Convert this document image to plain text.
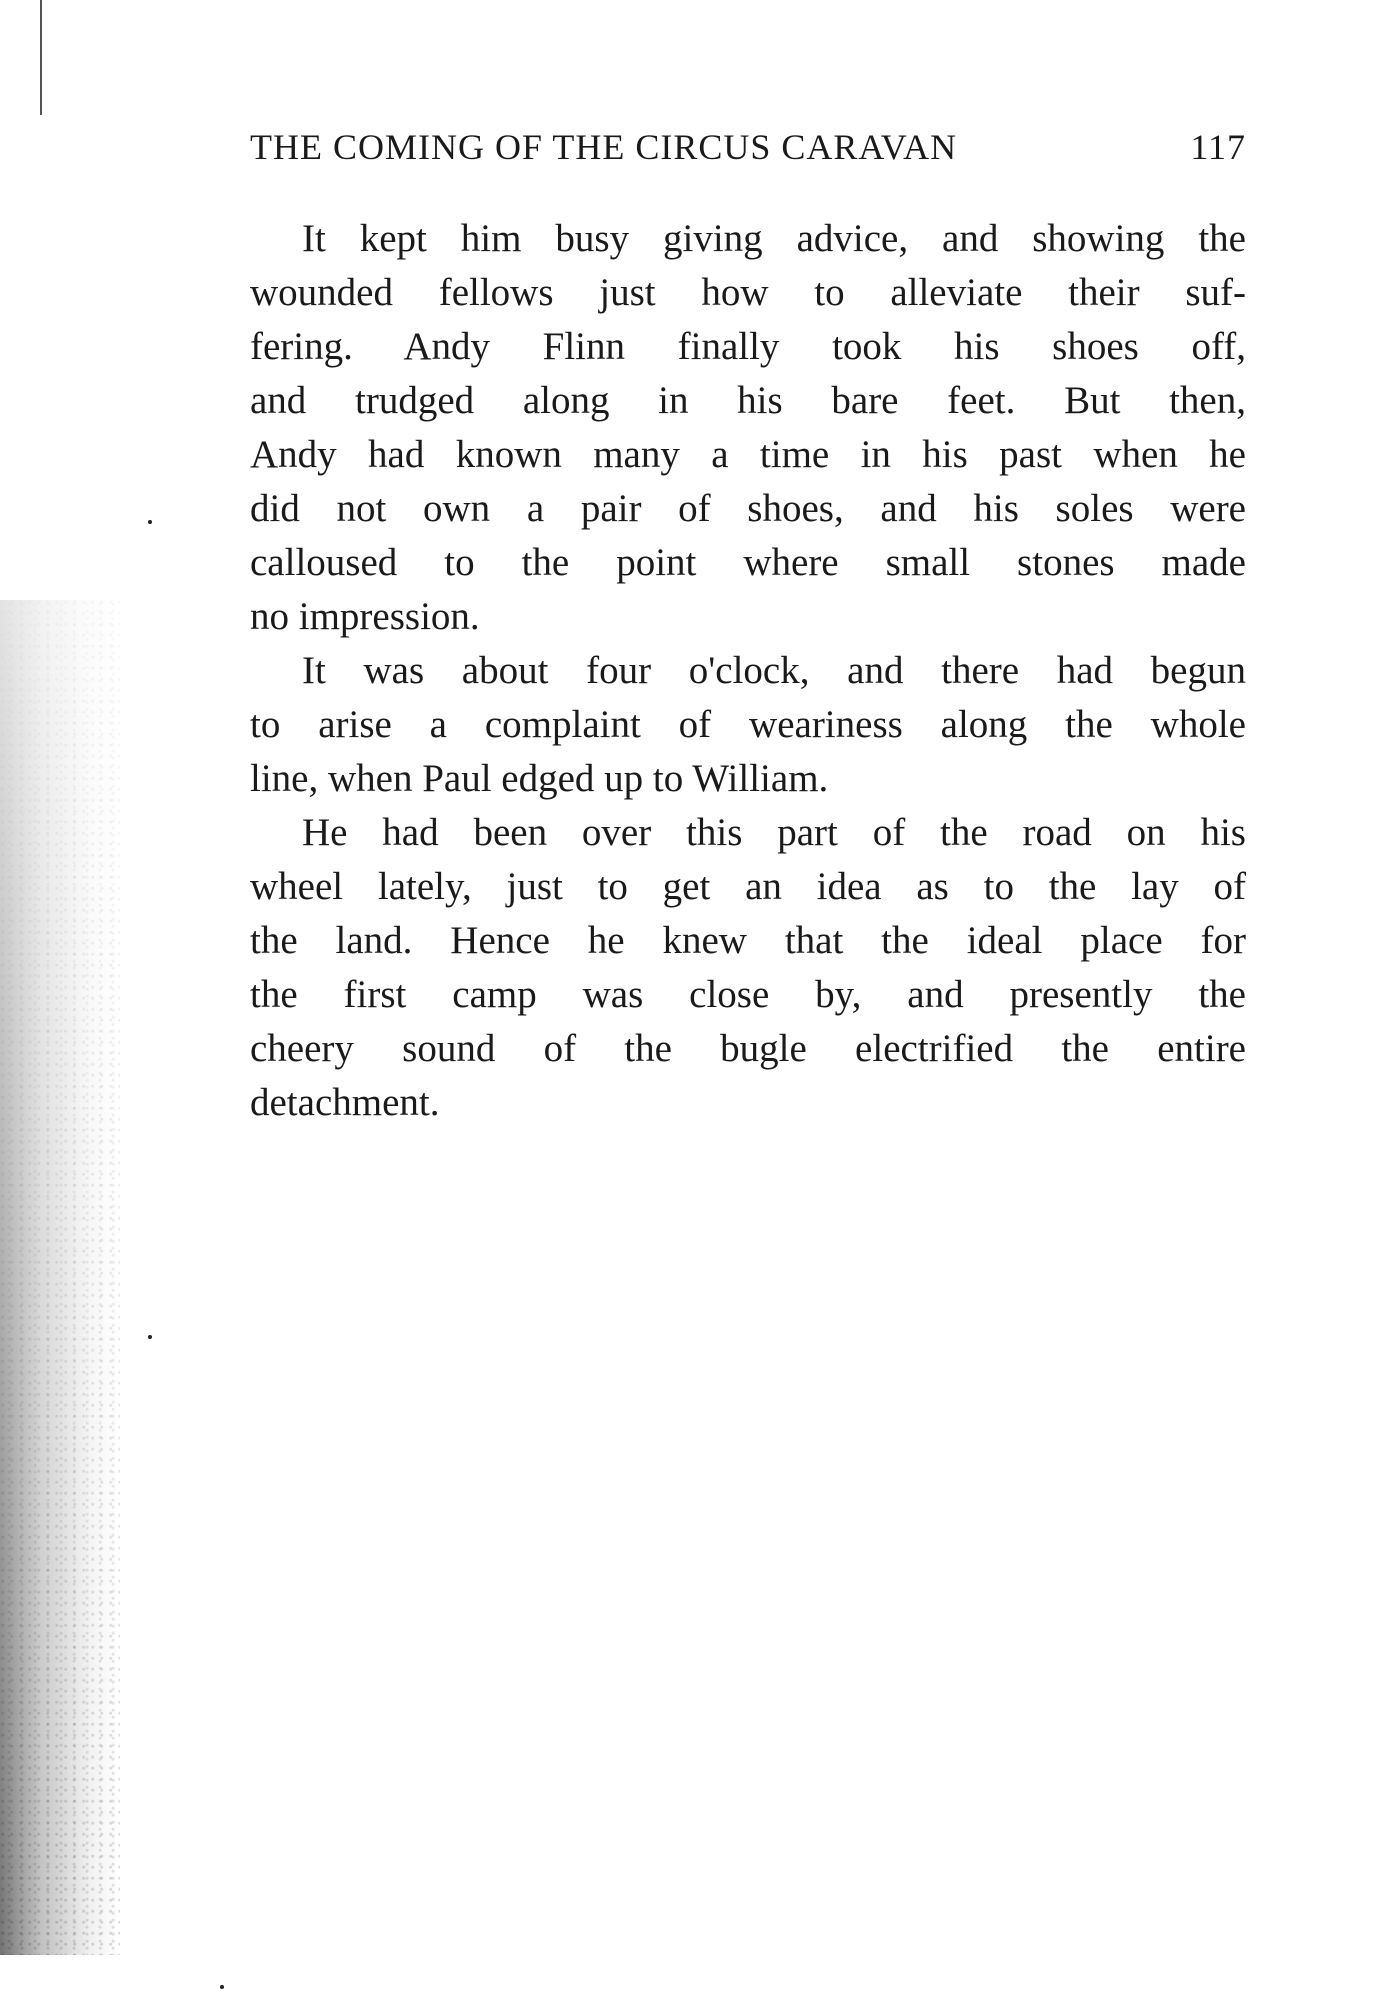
THE COMING OF THE CIRCUS CARAVAN	117
It kept him busy giving advice, and showing the
wounded fellows just how to alleviate their suf-
fering. Andy Flinn finally took his shoes off,
and trudged along in his bare feet. But then,
Andy had known many a time in his past when he
did not own a pair of shoes, and his soles were
calloused to the point where small stones made
no impression.
It was about four o'clock, and there had begun
to arise a complaint of weariness along the whole
line, when Paul edged up to William.
He had been over this part of the road on his
wheel lately, just to get an idea as to the lay of
the land. Hence he knew that the ideal place for
the first camp was close by, and presently the
cheery sound of the bugle electrified the entire
detachment.
